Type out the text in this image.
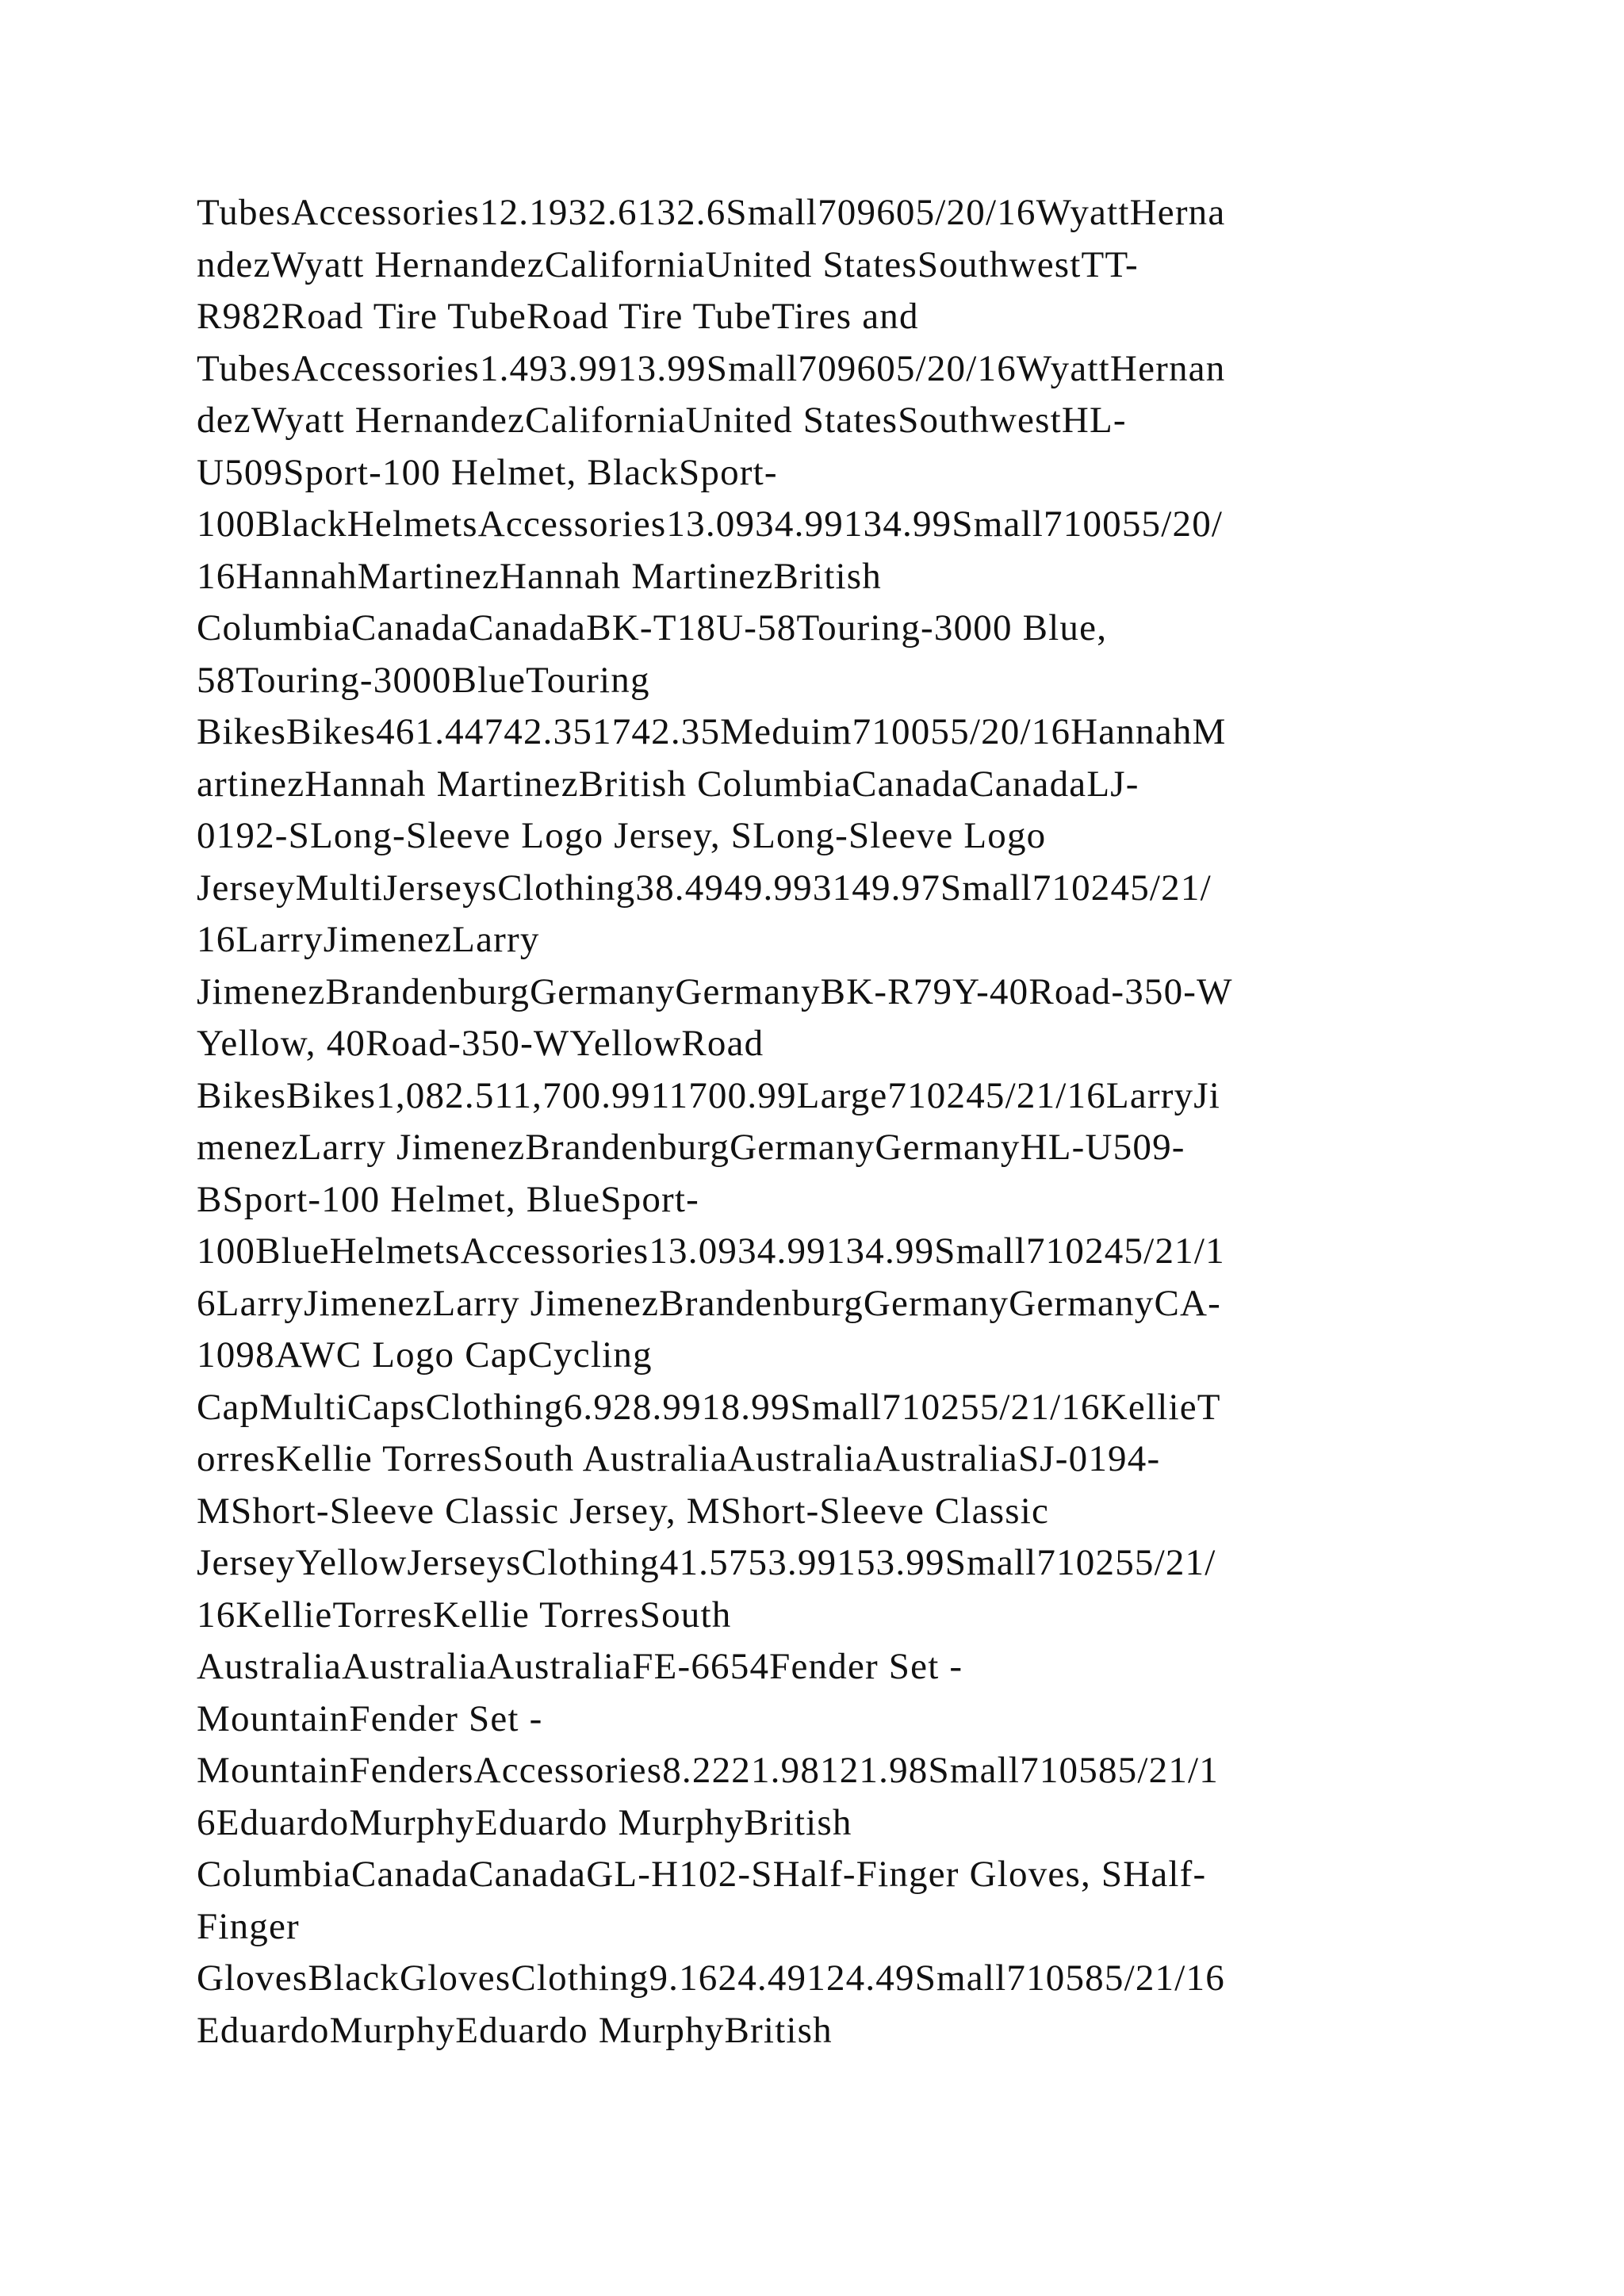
TubesAccessories12.1932.6132.6Small709605/20/16WyattHerna
ndezWyatt HernandezCaliforniaUnited StatesSouthwestTT-
R982Road Tire TubeRoad Tire TubeTires and
TubesAccessories1.493.9913.99Small709605/20/16WyattHernan
dezWyatt HernandezCaliforniaUnited StatesSouthwestHL-
U509Sport-100 Helmet, BlackSport-
100BlackHelmetsAccessories13.0934.99134.99Small710055/20/
16HannahMartinezHannah MartinezBritish
ColumbiaCanadaCanadaBK-T18U-58Touring-3000 Blue,
58Touring-3000BlueTouring
BikesBikes461.44742.351742.35Meduim710055/20/16HannahM
artinezHannah MartinezBritish ColumbiaCanadaCanadaLJ-
0192-SLong-Sleeve Logo Jersey, SLong-Sleeve Logo
JerseyMultiJerseysClothing38.4949.993149.97Small710245/21/
16LarryJimenezLarry
JimenezBrandenburgGermanyGermanyBK-R79Y-40Road-350-W
Yellow, 40Road-350-WYellowRoad
BikesBikes1,082.511,700.9911700.99Large710245/21/16LarryJi
menezLarry JimenezBrandenburgGermanyGermanyHL-U509-
BSport-100 Helmet, BlueSport-
100BlueHelmetsAccessories13.0934.99134.99Small710245/21/1
6LarryJimenezLarry JimenezBrandenburgGermanyGermanyCA-
1098AWC Logo CapCycling
CapMultiCapsClothing6.928.9918.99Small710255/21/16KellieT
orresKellie TorresSouth AustraliaAustraliaAustraliaSJ-0194-
MShort-Sleeve Classic Jersey, MShort-Sleeve Classic
JerseyYellowJerseysClothing41.5753.99153.99Small710255/21/
16KellieTorresKellie TorresSouth
AustraliaAustraliaAustraliaFE-6654Fender Set -
MountainFender Set -
MountainFendersAccessories8.2221.98121.98Small710585/21/1
6EduardoMurphyEduardo MurphyBritish
ColumbiaCanadaCanadaGL-H102-SHalf-Finger Gloves, SHalf-
Finger
GlovesBlackGlovesClothing9.1624.49124.49Small710585/21/16
EduardoMurphyEduardo MurphyBritish
